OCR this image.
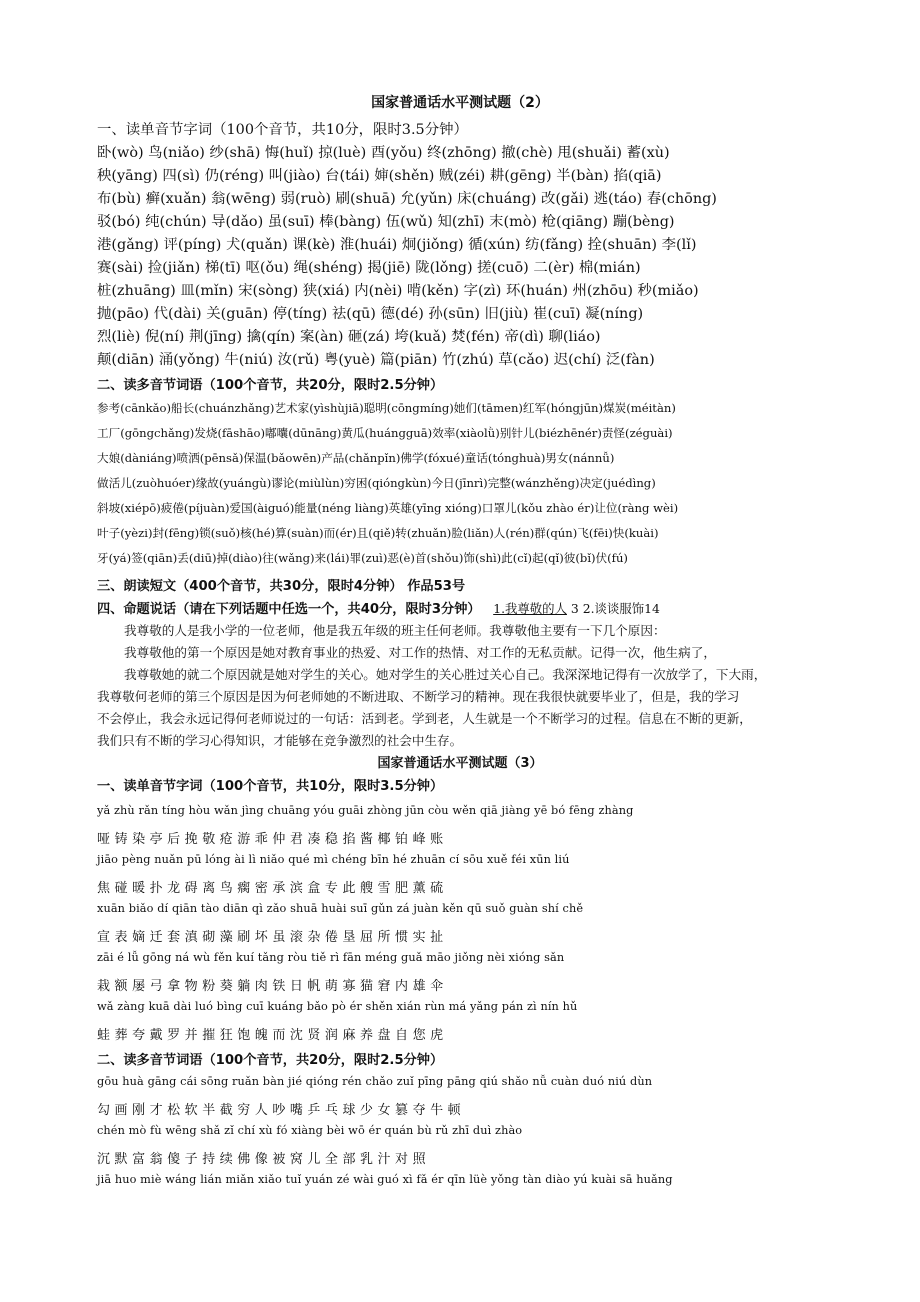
国家普通话水平测试题（2）
一、读单音节字词（100个音节，共10分，限时3.5分钟）
卧(wò) 鸟(niǎo) 纱(shā) 悔(huǐ) 掠(luè) 酉(yǒu) 终(zhōng) 撤(chè) 甩(shuǎi) 蓄(xù)
秧(yāng) 四(sì) 仍(réng) 叫(jiào) 台(tái) 婶(shěn) 贼(zéi) 耕(gēng) 半(bàn) 掐(qiā)
布(bù) 癣(xuǎn) 翁(wēng) 弱(ruò) 刷(shuā) 允(yǔn) 床(chuáng) 改(gǎi) 逃(táo) 春(chōng)
驳(bó) 纯(chún) 导(dǎo) 虽(suī) 棒(bàng) 伍(wǔ) 知(zhī) 末(mò) 枪(qiāng) 蹦(bèng)
港(gǎng) 评(píng) 犬(quǎn) 课(kè) 淮(huái) 炯(jiǒng) 循(xún) 纺(fǎng) 拴(shuān) 李(lǐ)
赛(sài) 捡(jiǎn) 梯(tī) 呕(ǒu) 绳(shéng) 揭(jiē) 陇(lǒng) 搓(cuō) 二(èr) 棉(mián)
桩(zhuāng) 皿(mǐn) 宋(sòng) 狭(xiá) 内(nèi) 啃(kěn) 字(zì) 环(huán) 州(zhōu) 秒(miǎo)
抛(pāo) 代(dài) 关(guān) 停(tíng) 祛(qū) 德(dé) 孙(sūn) 旧(jiù) 崔(cuī) 凝(níng)
烈(liè) 倪(ní) 荆(jīng) 擒(qín) 案(àn) 砸(zá) 垮(kuǎ) 焚(fén) 帝(dì) 聊(liáo)
颠(diān) 涌(yǒng) 牛(niú) 汝(rǔ) 粤(yuè) 篇(piān) 竹(zhú) 草(cǎo) 迟(chí) 泛(fàn)
二、读多音节词语（100个音节，共20分，限时2.5分钟）
参考(cānkǎo)船长(chuánzhǎng)艺术家(yìshùjiā)聪明(cōngmíng)她们(tāmen)红军(hóngjūn)煤炭(méitàn)
工厂(gōngchǎng)发烧(fāshāo)嘟囔(dūnāng)黄瓜(huángguā)效率(xiàolǜ)别针儿(biézhēnér)责怪(zéguài)
大娘(dàniáng)喷洒(pēnsǎ)保温(bǎowēn)产品(chǎnpǐn)佛学(fóxué)童话(tónghuà)男女(nánnǚ)
做活儿(zuòhuóer)缘故(yuángù)谬论(miùlùn)穷困(qióngkùn)今日(jīnrì)完整(wánzhěng)决定(juédìng)
斜坡(xiépō)疲倦(píjuàn)爱国(àiguó)能量(néng liàng)英雄(yīng xióng)口罩儿(kǒu zhào ér)让位(ràng wèi)
叶子(yèzi)封(fēng)锁(suǒ)核(hé)算(suàn)而(ér)且(qiě)转(zhuǎn)脸(liǎn)人(rén)群(qún)飞(fēi)快(kuài)
牙(yá)签(qiān)丢(diū)掉(diào)往(wǎng)来(lái)罪(zuì)恶(è)首(shǒu)饰(shì)此(cǐ)起(qǐ)彼(bǐ)伏(fú)
三、朗读短文（400个音节，共30分，限时4分钟） 作品53号
四、命题说话（请在下列话题中任选一个，共40分，限时3分钟） 1.我尊敬的人 3 2.谈谈服饰14
我尊敬的人是我小学的一位老师，他是我五年级的班主任何老师。我尊敬他主要有一下几个原因：
我尊敬他的第一个原因是她对教育事业的热爱、对工作的热情、对工作的无私贡献。记得一次，他生病了，
我尊敬她的就二个原因就是她对学生的关心。她对学生的关心胜过关心自己。我深深地记得有一次放学了，下大雨，
我尊敬何老师的第三个原因是因为何老师她的不断进取、不断学习的精神。现在我很快就要毕业了，但是，我的学习
不会停止，我会永远记得何老师说过的一句话：活到老。学到老，人生就是一个不断学习的过程。信息在不断的更新，
我们只有不断的学习心得知识，才能够在竞争激烈的社会中生存。
国家普通话水平测试题（3）
一、读单音节字词（100个音节，共10分，限时3.5分钟）
yǎ zhù rǎn tíng hòu wǎn jìng chuāng yóu guāi zhòng jūn còu wěn qiā jiàng yē bó fēng zhàng
哑 铸 染 亭 后 挽 敬 疮 游 乖 仲 君 凑 稳 掐 酱 椰 铂 峰 账
jiāo pèng nuǎn pū lóng ài lì niǎo qué mì chéng bīn hé zhuān cí sōu xuě féi xūn liú
焦 碰 暖 扑 龙 碍 离 鸟 瘸 密 承 滨 盒 专 此 艘 雪 肥 薰 硫
xuān biǎo dí qiān tào diān qì zǎo shuā huài suī gǔn zá juàn kěn qū suǒ guàn shí chě
宣 表 嫡 迁 套 滇 砌 藻 刷 坏 虽 滚 杂 倦 垦 屈 所 惯 实 扯
zāi é lǚ gōng ná wù fěn kuí tǎng ròu tiě rì fān méng guǎ māo jiǒng nèi xióng sǎn
栽 额 屡 弓 拿 物 粉 葵 躺 肉 铁 日 帆 萌 寡 猫 窘 内 雄 伞
wǎ zàng kuā dài luó bìng cuī kuáng bǎo pò ér shěn xián rùn má yǎng pán zì nín hǔ
蛙 葬 夸 戴 罗 并 摧 狂 饱 魄 而 沈 贤 润 麻 养 盘 自 您 虎
二、读多音节词语（100个音节，共20分，限时2.5分钟）
gōu huà gāng cái sōng ruǎn bàn jié qióng rén chǎo zuǐ pīng pāng qiú shǎo nǚ cuàn duó niú dùn
勾 画 刚 才 松 软 半 截 穷 人 吵 嘴 乒 乓 球 少 女 篡 夺 牛 顿
chén mò fù wēng shǎ zǐ chí xù fó xiàng bèi wō ér quán bù rǔ zhī duì zhào
沉 默 富 翁 傻 子 持 续 佛 像 被 窝 儿 全 部 乳 汁 对 照
jiā huo miè wáng lián miǎn xiǎo tuǐ yuán zé wài guó xì fǎ ér qīn lüè yǒng tàn diào yú kuài sā huǎng
